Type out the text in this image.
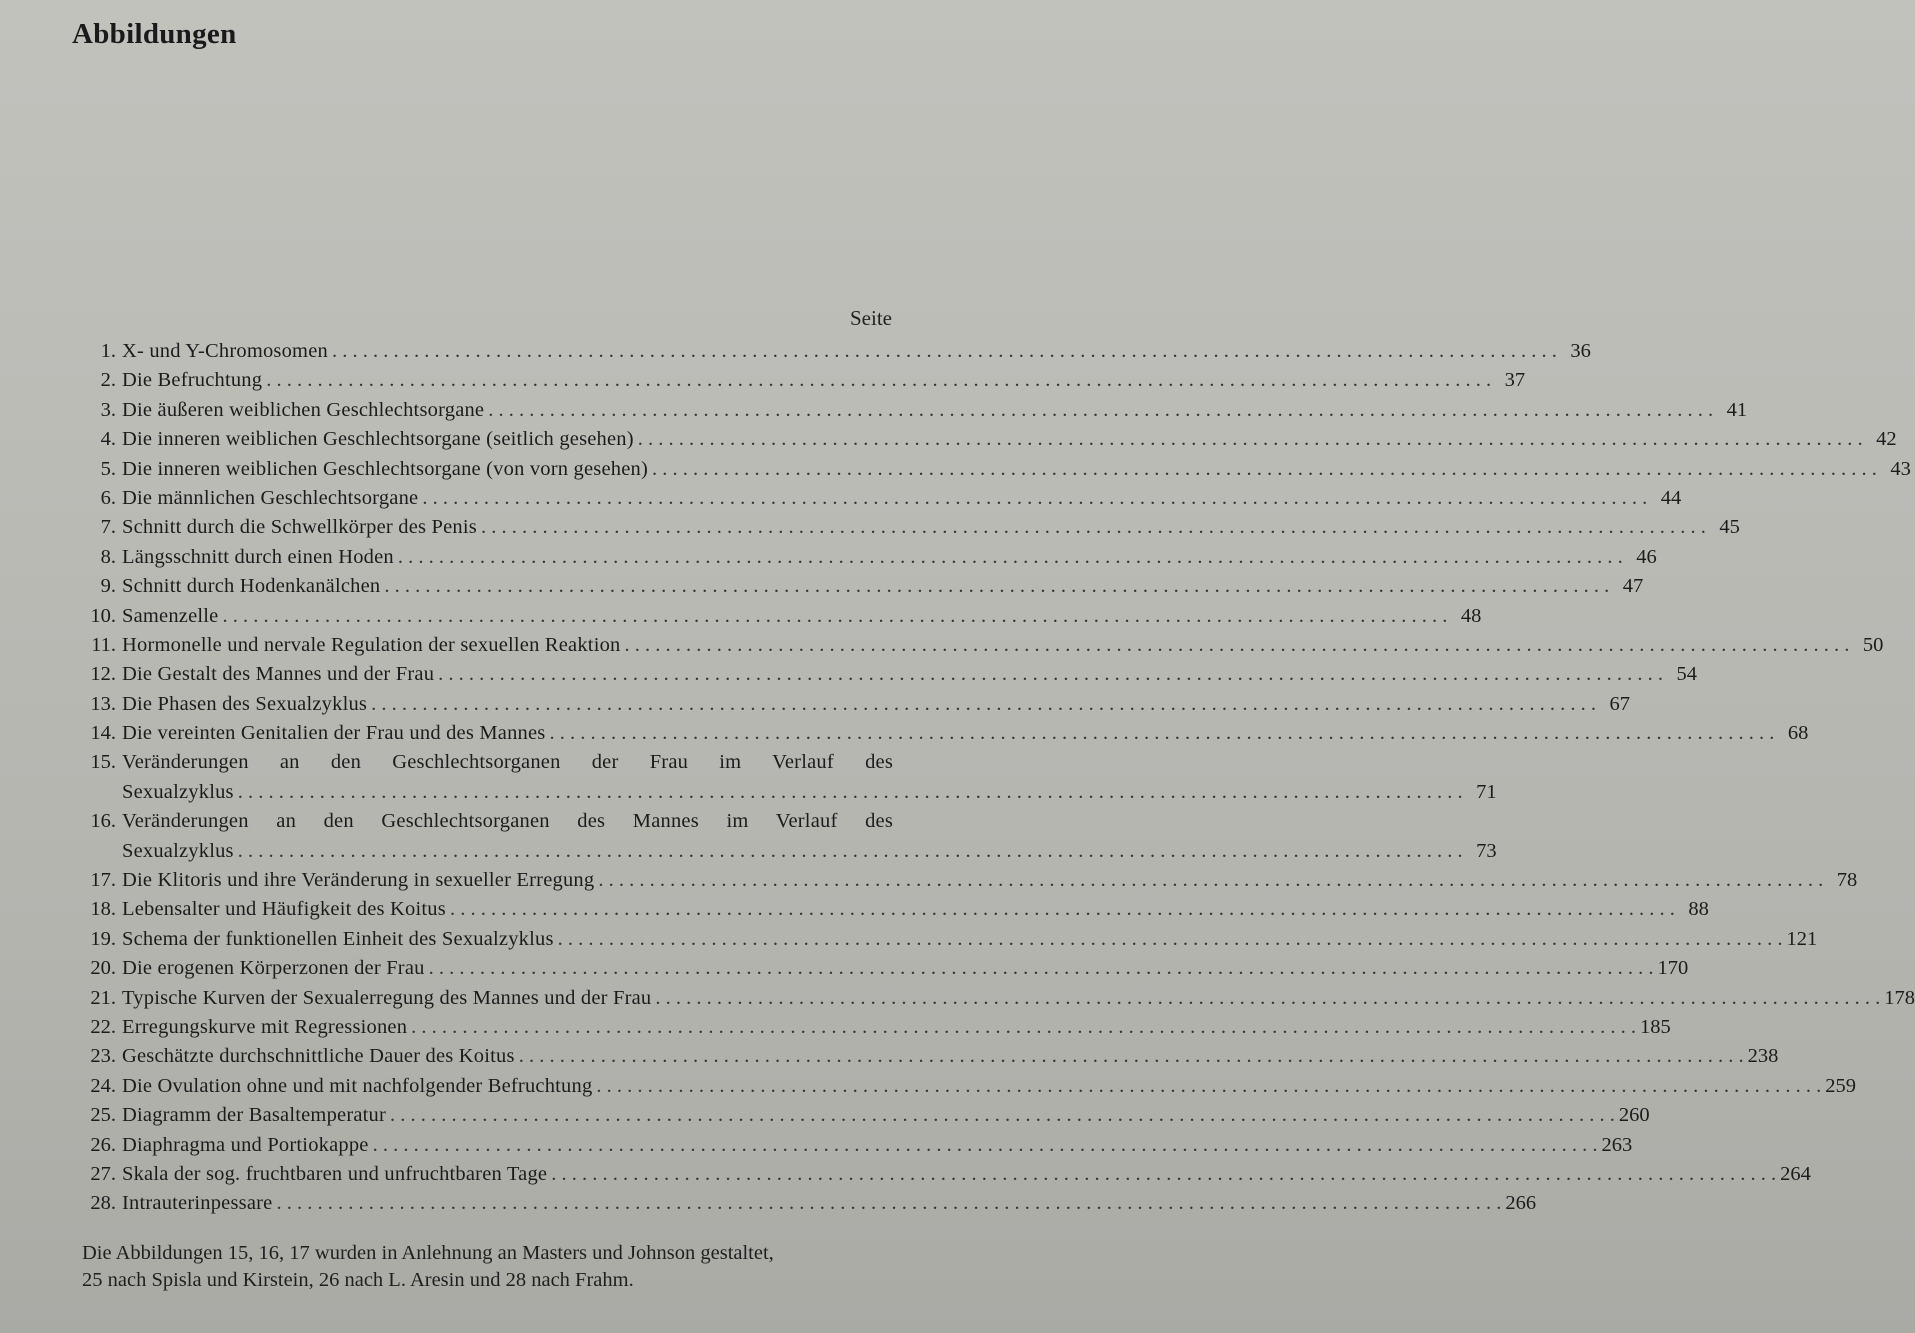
Abbildungen
Seite
1. X- und Y-Chromosomen . . .	36
2. Die Befruchtung . . .	37
3. Die äußeren weiblichen Geschlechtsorgane . . .	41
4. Die inneren weiblichen Geschlechtsorgane (seitlich gesehen) . . .	42
5. Die inneren weiblichen Geschlechtsorgane (von vorn gesehen) . . .	43
6. Die männlichen Geschlechtsorgane . . .	44
7. Schnitt durch die Schwellkörper des Penis . . .	45
8. Längsschnitt durch einen Hoden . . .	46
9. Schnitt durch Hodenkanälchen . . .	47
10. Samenzelle . . .	48
11. Hormonelle und nervale Regulation der sexuellen Reaktion . . .	50
12. Die Gestalt des Mannes und der Frau . . .	54
13. Die Phasen des Sexualzyklus . . .	67
14. Die vereinten Genitalien der Frau und des Mannes . . .	68
15. Veränderungen an den Geschlechtsorganen der Frau im Verlauf des
Sexualzyklus . . .	71
16. Veränderungen an den Geschlechtsorganen des Mannes im Verlauf des
Sexualzyklus . . .	73
17. Die Klitoris und ihre Veränderung in sexueller Erregung . . .	78
18. Lebensalter und Häufigkeit des Koitus . . .	88
19. Schema der funktionellen Einheit des Sexualzyklus . . .	121
20. Die erogenen Körperzonen der Frau . . .	170
21. Typische Kurven der Sexualerregung des Mannes und der Frau . . .	178
22. Erregungskurve mit Regressionen . . .	185
23. Geschätzte durchschnittliche Dauer des Koitus . . .	238
24. Die Ovulation ohne und mit nachfolgender Befruchtung . . .	259
25. Diagramm der Basaltemperatur . . .	260
26. Diaphragma und Portiokappe . . .	263
27. Skala der sog. fruchtbaren und unfruchtbaren Tage . . .	264
28. Intrauterinpessare . . .	266
Die Abbildungen 15, 16, 17 wurden in Anlehnung an Masters und Johnson gestaltet,
25 nach Spisla und Kirstein, 26 nach L. Aresin und 28 nach Frahm.
